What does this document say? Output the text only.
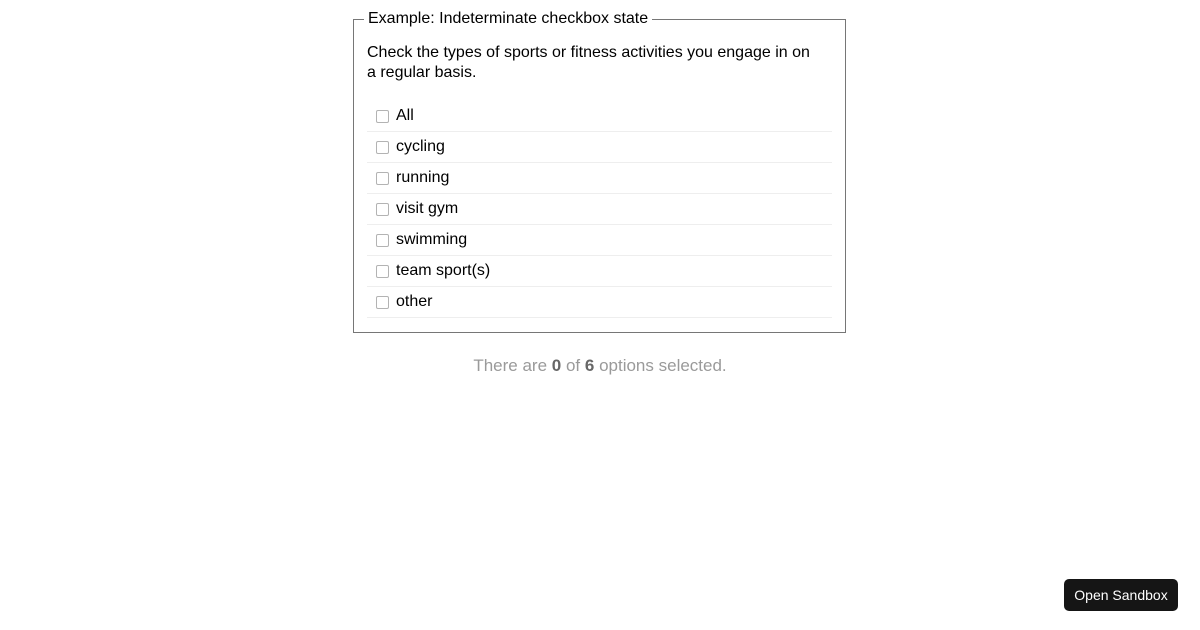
Example: Indeterminate checkbox state

Check the types of sports or fitness activities you engage in on a regular basis.

All
cycling
running
visit gym
swimming
team sport(s)
other
There are 0 of 6 options selected.
Open Sandbox
